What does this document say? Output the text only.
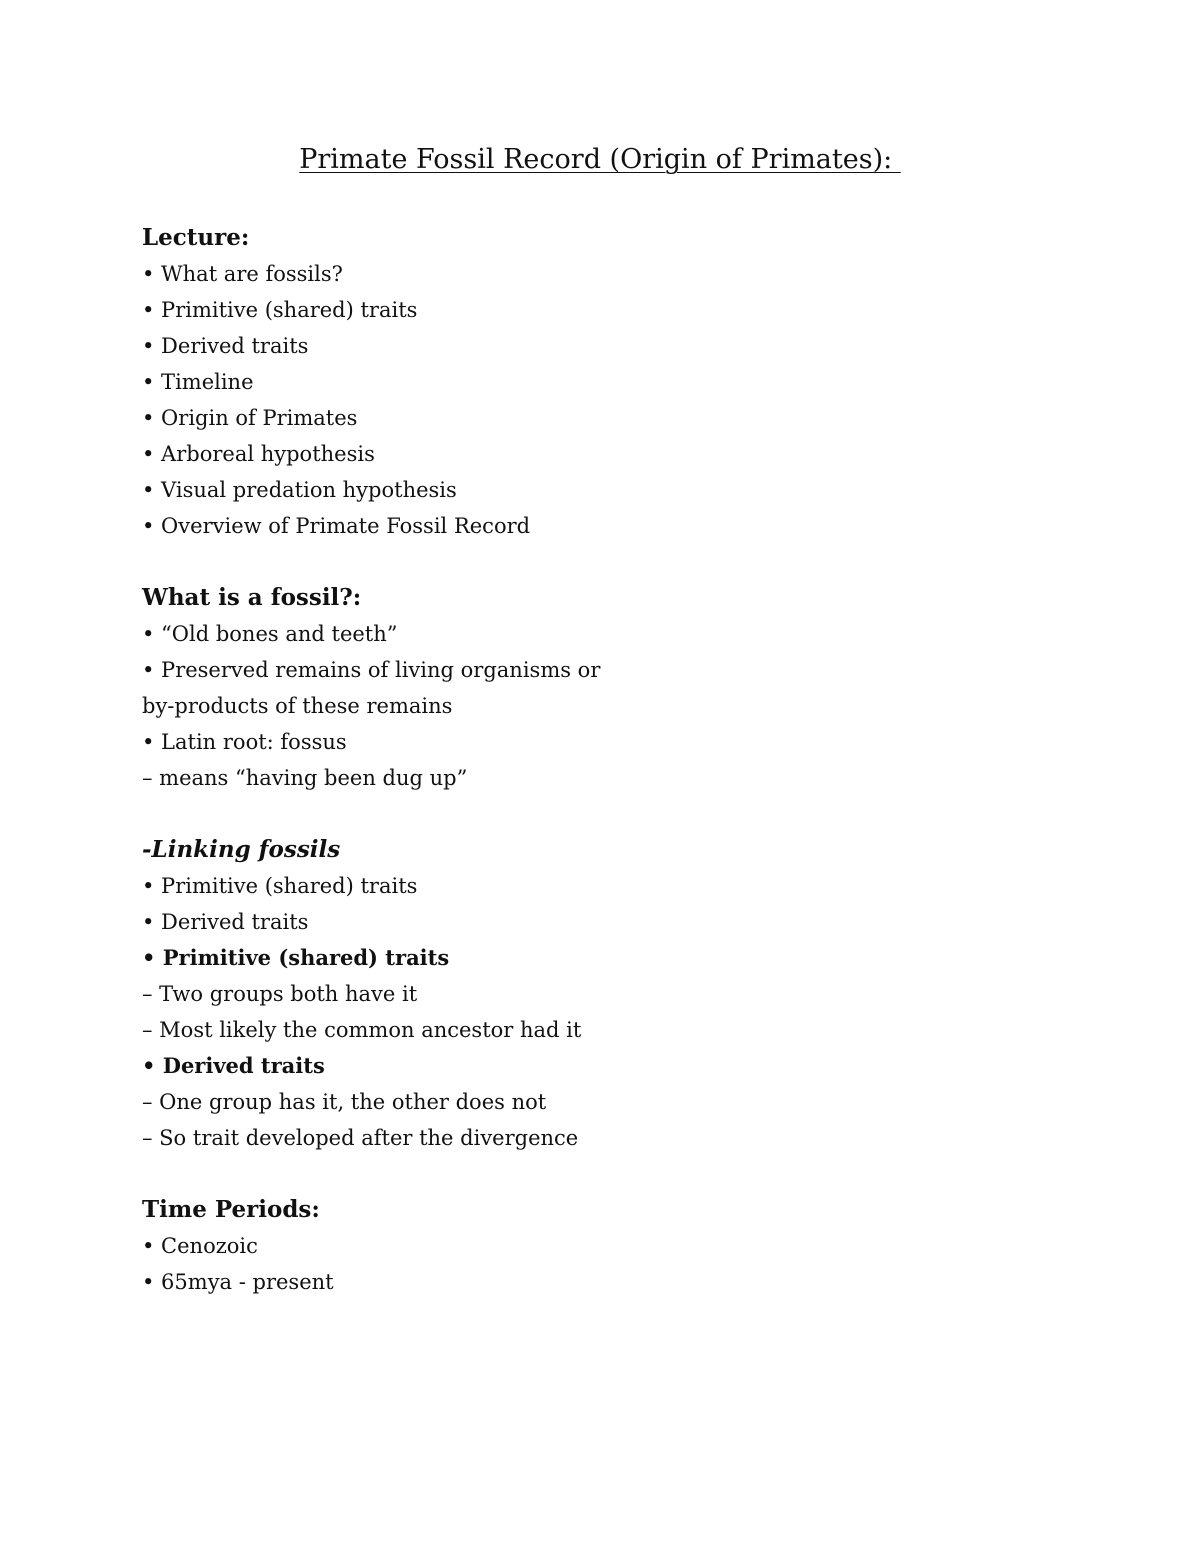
Primate Fossil Record (Origin of Primates):
Lecture:
• What are fossils?
• Primitive (shared) traits
• Derived traits
• Timeline
• Origin of Primates
• Arboreal hypothesis
• Visual predation hypothesis
• Overview of Primate Fossil Record
What is a fossil?:
• “Old bones and teeth”
• Preserved remains of living organisms or
by-products of these remains
• Latin root: fossus
– means “having been dug up”
-Linking fossils
• Primitive (shared) traits
• Derived traits
• Primitive (shared) traits
– Two groups both have it
– Most likely the common ancestor had it
• Derived traits
– One group has it, the other does not
– So trait developed after the divergence
Time Periods:
• Cenozoic
• 65mya - present
